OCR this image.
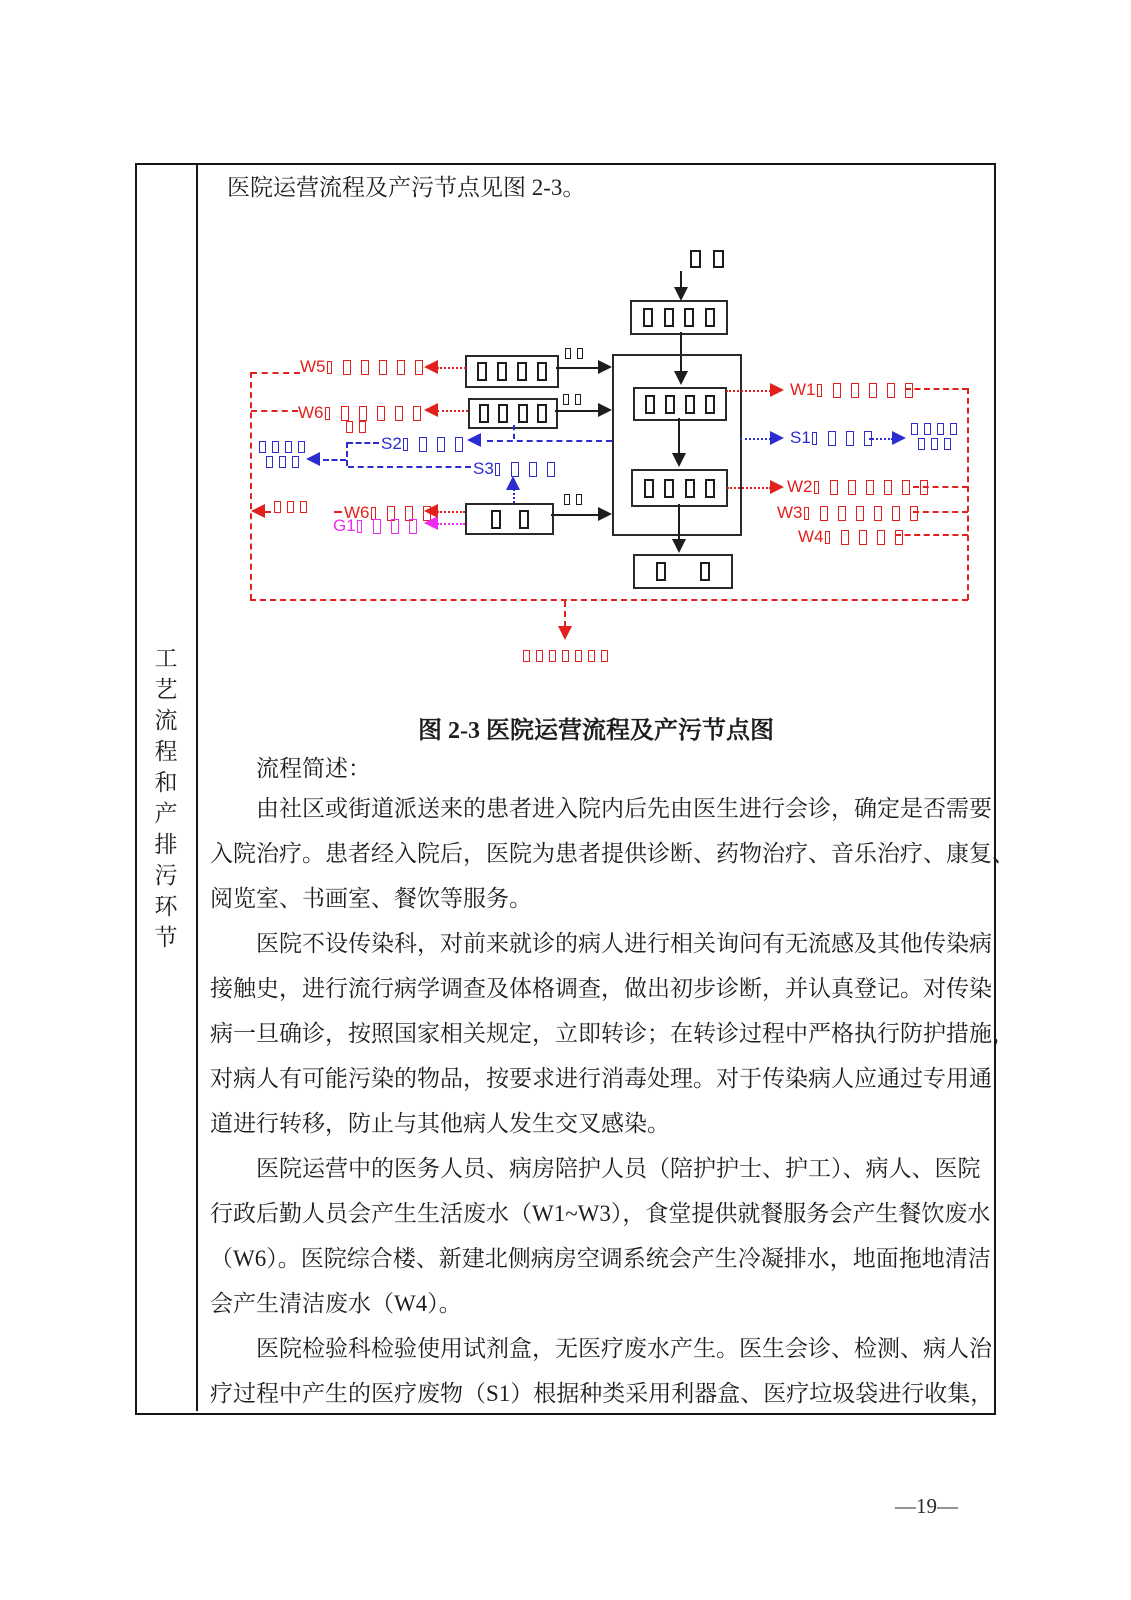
工
艺
流
程
和
产
排
污
环
节
医院运营流程及产污节点见图 2-3。
W5
W6
S2
S3
W6
G1
W1
S1
W2
W3
W4
图 2-3 医院运营流程及产污节点图
流程简述：
由社区或街道派送来的患者进入院内后先由医生进行会诊，确定是否需要
入院治疗。患者经入院后，医院为患者提供诊断、药物治疗、音乐治疗、康复、
阅览室、书画室、餐饮等服务。
医院不设传染科，对前来就诊的病人进行相关询问有无流感及其他传染病
接触史，进行流行病学调查及体格调查，做出初步诊断，并认真登记。对传染
病一旦确诊，按照国家相关规定，立即转诊；在转诊过程中严格执行防护措施，
对病人有可能污染的物品，按要求进行消毒处理。对于传染病人应通过专用通
道进行转移，防止与其他病人发生交叉感染。
医院运营中的医务人员、病房陪护人员（陪护护士、护工）、病人、医院
行政后勤人员会产生生活废水（W1~W3），食堂提供就餐服务会产生餐饮废水
（W6）。医院综合楼、新建北侧病房空调系统会产生冷凝排水，地面拖地清洁
会产生清洁废水（W4）。
医院检验科检验使用试剂盒，无医疗废水产生。医生会诊、检测、病人治
疗过程中产生的医疗废物（S1）根据种类采用利器盒、医疗垃圾袋进行收集，
—19—
